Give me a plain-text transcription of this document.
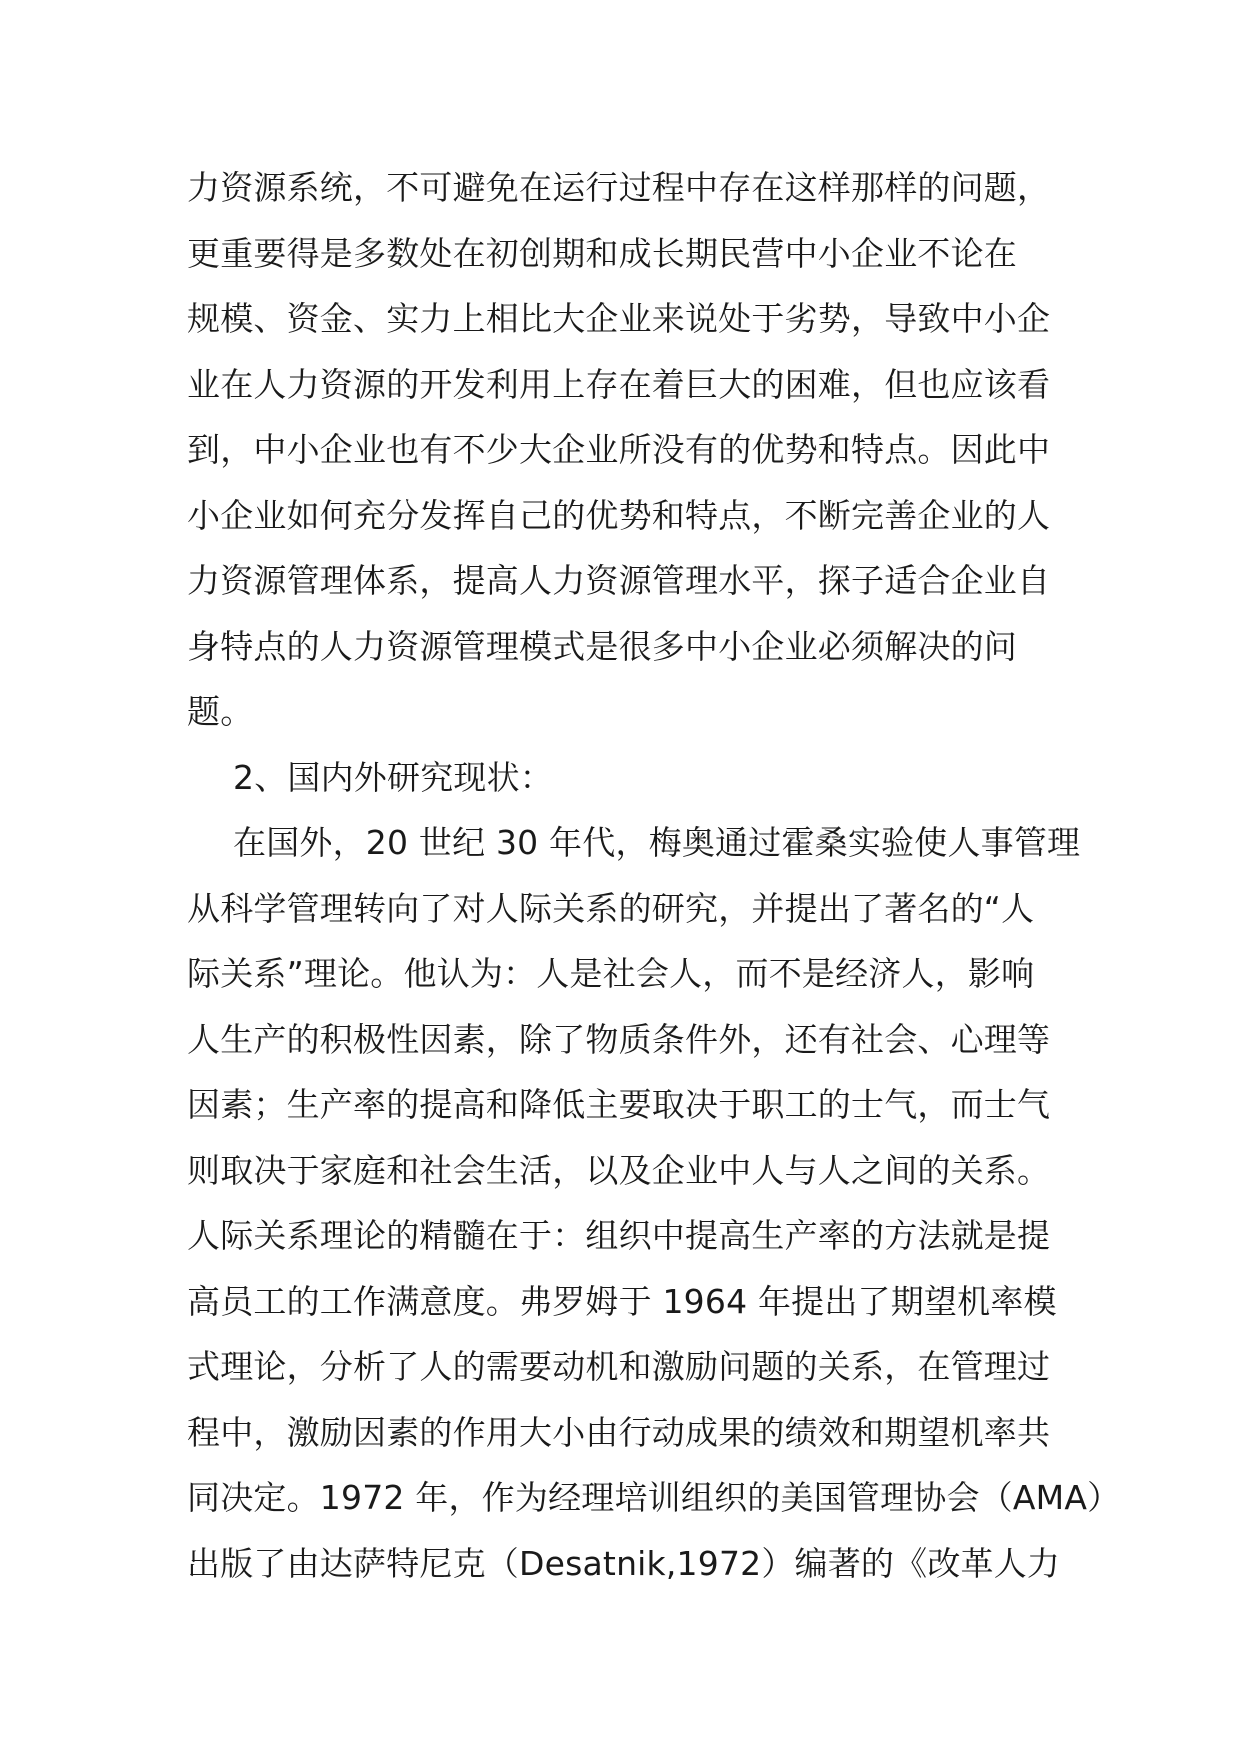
力资源系统，不可避免在运行过程中存在这样那样的问题，
更重要得是多数处在初创期和成长期民营中小企业不论在
规模、资金、实力上相比大企业来说处于劣势，导致中小企
业在人力资源的开发利用上存在着巨大的困难，但也应该看
到，中小企业也有不少大企业所没有的优势和特点。因此中
小企业如何充分发挥自己的优势和特点，不断完善企业的人
力资源管理体系，提高人力资源管理水平，探子适合企业自
身特点的人力资源管理模式是很多中小企业必须解决的问
题。
2、国内外研究现状：
在国外，20 世纪 30 年代，梅奥通过霍桑实验使人事管理
从科学管理转向了对人际关系的研究，并提出了著名的“人
际关系”理论。他认为：人是社会人，而不是经济人，影响
人生产的积极性因素，除了物质条件外，还有社会、心理等
因素；生产率的提高和降低主要取决于职工的士气，而士气
则取决于家庭和社会生活，以及企业中人与人之间的关系。
人际关系理论的精髓在于：组织中提高生产率的方法就是提
高员工的工作满意度。弗罗姆于 1964 年提出了期望机率模
式理论，分析了人的需要动机和激励问题的关系，在管理过
程中，激励因素的作用大小由行动成果的绩效和期望机率共
同决定。1972 年，作为经理培训组织的美国管理协会（AMA）
出版了由达萨特尼克（Desatnik,1972）编著的《改革人力
